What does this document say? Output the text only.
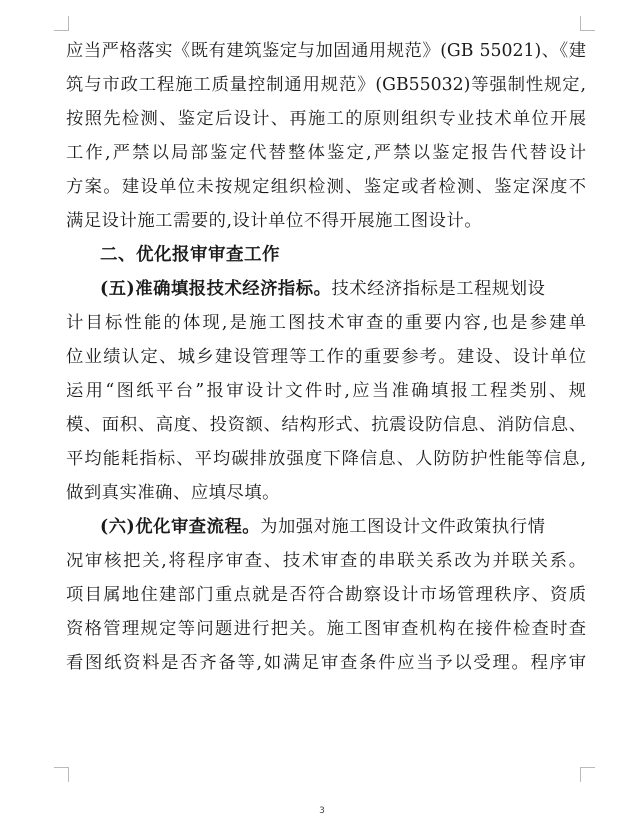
应当严格落实《既有建筑鉴定与加固通用规范》(GB 55021)、《建
筑与市政工程施工质量控制通用规范》(GB55032)等强制性规定,
按照先检测、鉴定后设计、再施工的原则组织专业技术单位开展
工作,严禁以局部鉴定代替整体鉴定,严禁以鉴定报告代替设计
方案。建设单位未按规定组织检测、鉴定或者检测、鉴定深度不
满足设计施工需要的,设计单位不得开展施工图设计。
二、优化报审审查工作
(五)准确填报技术经济指标。技术经济指标是工程规划设
计目标性能的体现,是施工图技术审查的重要内容,也是参建单
位业绩认定、城乡建设管理等工作的重要参考。建设、设计单位
运用“图纸平台”报审设计文件时,应当准确填报工程类别、规
模、面积、高度、投资额、结构形式、抗震设防信息、消防信息、
平均能耗指标、平均碳排放强度下降信息、人防防护性能等信息,
做到真实准确、应填尽填。
(六)优化审查流程。为加强对施工图设计文件政策执行情
况审核把关,将程序审查、技术审查的串联关系改为并联关系。
项目属地住建部门重点就是否符合勘察设计市场管理秩序、资质
资格管理规定等问题进行把关。施工图审查机构在接件检查时查
看图纸资料是否齐备等,如满足审查条件应当予以受理。程序审
3
